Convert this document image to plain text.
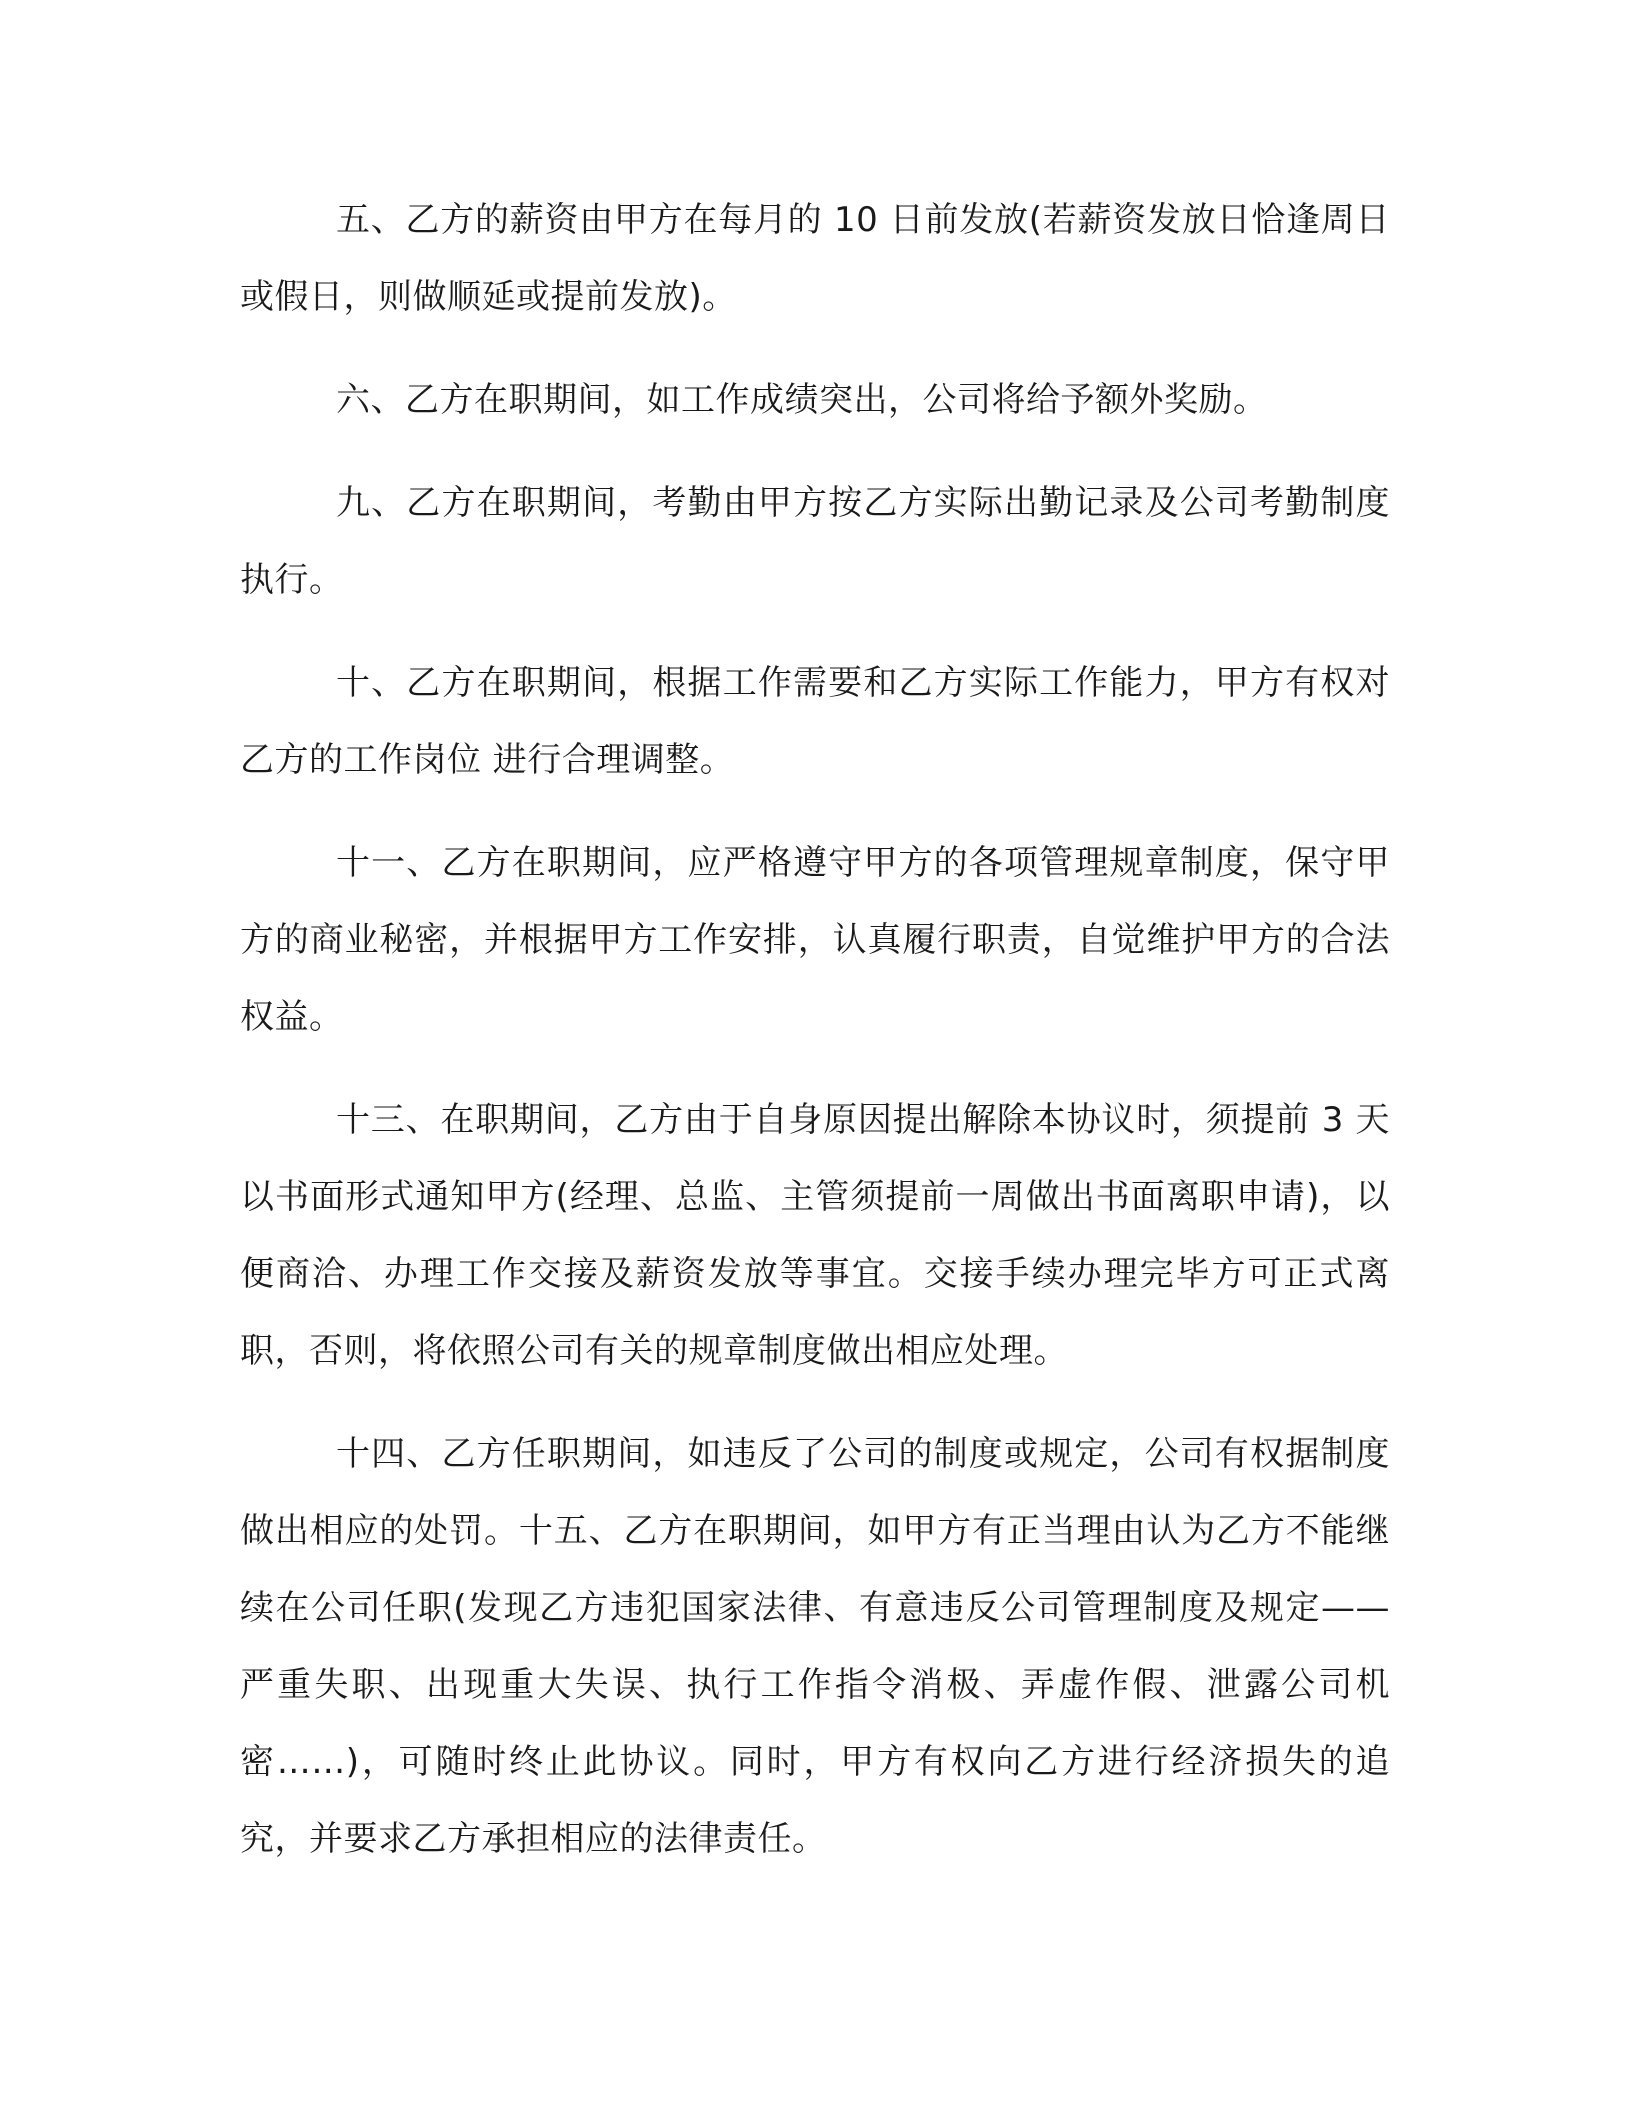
五、乙方的薪资由甲方在每月的 10 日前发放(若薪资发放日恰逢周日或假日，则做顺延或提前发放)。

六、乙方在职期间，如工作成绩突出，公司将给予额外奖励。

九、乙方在职期间，考勤由甲方按乙方实际出勤记录及公司考勤制度执行。

十、乙方在职期间，根据工作需要和乙方实际工作能力，甲方有权对乙方的工作岗位 进行合理调整。

十一、乙方在职期间，应严格遵守甲方的各项管理规章制度，保守甲方的商业秘密，并根据甲方工作安排，认真履行职责，自觉维护甲方的合法权益。

十三、在职期间，乙方由于自身原因提出解除本协议时，须提前 3 天以书面形式通知甲方(经理、总监、主管须提前一周做出书面离职申请)，以便商洽、办理工作交接及薪资发放等事宜。交接手续办理完毕方可正式离职，否则，将依照公司有关的规章制度做出相应处理。

十四、乙方任职期间，如违反了公司的制度或规定，公司有权据制度做出相应的处罚。十五、乙方在职期间，如甲方有正当理由认为乙方不能继续在公司任职(发现乙方违犯国家法律、有意违反公司管理制度及规定——严重失职、出现重大失误、执行工作指令消极、弄虚作假、泄露公司机密……)，可随时终止此协议。同时，甲方有权向乙方进行经济损失的追究，并要求乙方承担相应的法律责任。
